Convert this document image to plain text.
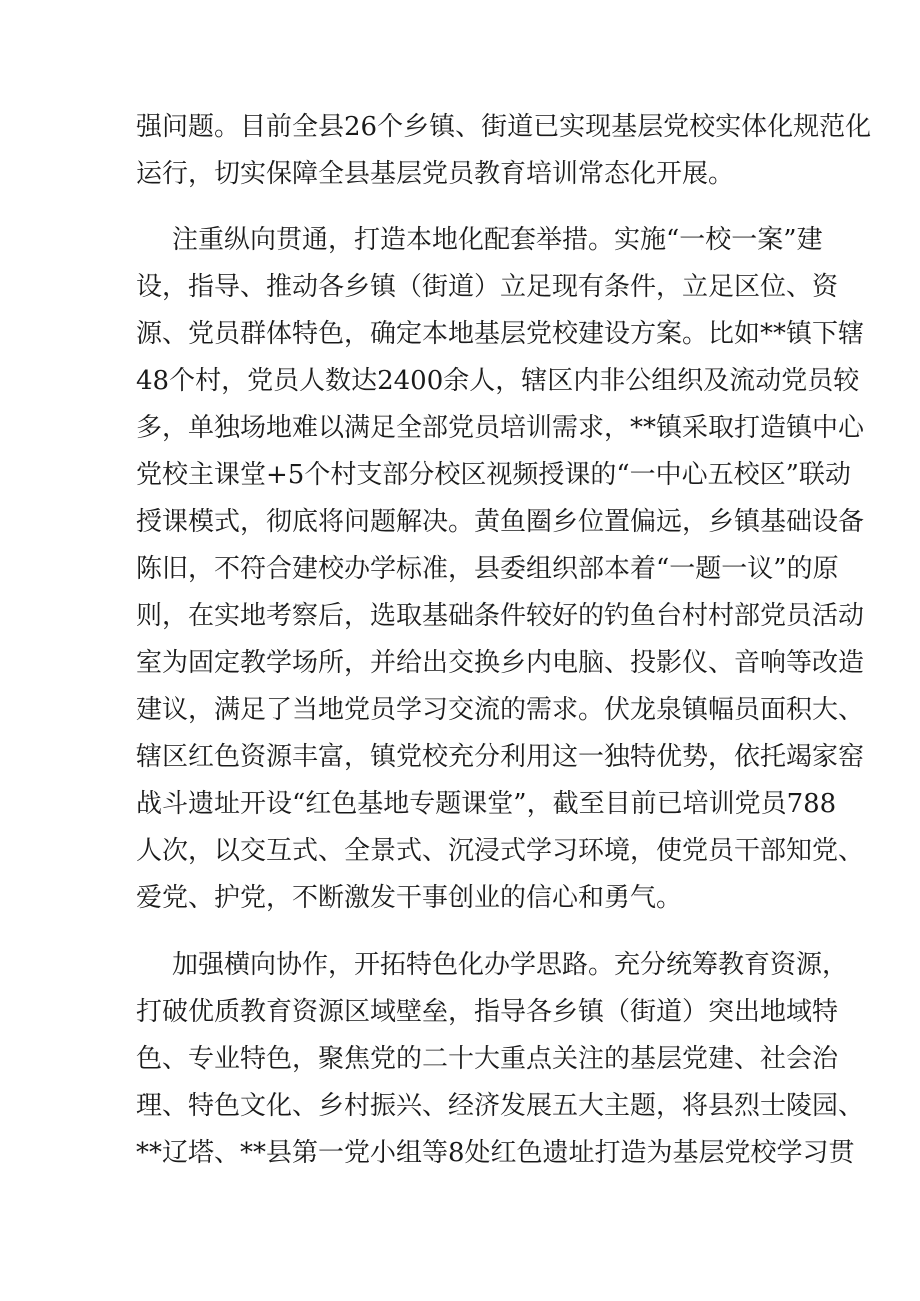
强问题。目前全县26个乡镇、街道已实现基层党校实体化规范化
运行，切实保障全县基层党员教育培训常态化开展。
注重纵向贯通，打造本地化配套举措。实施“一校一案”建
设，指导、推动各乡镇（街道）立足现有条件，立足区位、资
源、党员群体特色，确定本地基层党校建设方案。比如**镇下辖
48个村，党员人数达2400余人，辖区内非公组织及流动党员较
多，单独场地难以满足全部党员培训需求，**镇采取打造镇中心
党校主课堂+5个村支部分校区视频授课的“一中心五校区”联动
授课模式，彻底将问题解决。黄鱼圈乡位置偏远，乡镇基础设备
陈旧，不符合建校办学标准，县委组织部本着“一题一议”的原
则，在实地考察后，选取基础条件较好的钓鱼台村村部党员活动
室为固定教学场所，并给出交换乡内电脑、投影仪、音响等改造
建议，满足了当地党员学习交流的需求。伏龙泉镇幅员面积大、
辖区红色资源丰富，镇党校充分利用这一独特优势，依托竭家窑
战斗遗址开设“红色基地专题课堂”，截至目前已培训党员788
人次，以交互式、全景式、沉浸式学习环境，使党员干部知党、
爱党、护党，不断激发干事创业的信心和勇气。
加强横向协作，开拓特色化办学思路。充分统筹教育资源，
打破优质教育资源区域壁垒，指导各乡镇（街道）突出地域特
色、专业特色，聚焦党的二十大重点关注的基层党建、社会治
理、特色文化、乡村振兴、经济发展五大主题，将县烈士陵园、
**辽塔、**县第一党小组等8处红色遗址打造为基层党校学习贯
